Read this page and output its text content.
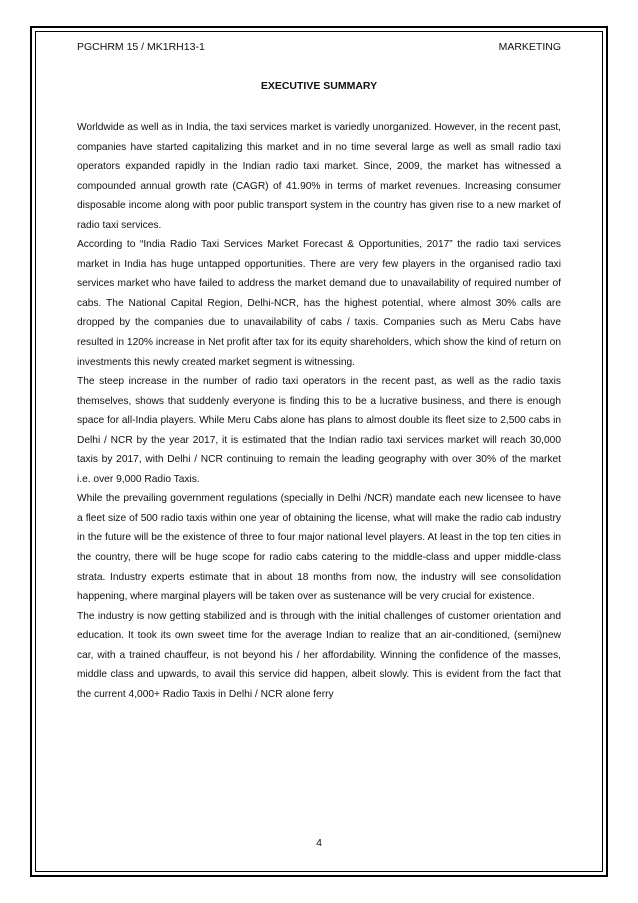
PGCHRM 15 / MK1RH13-1	MARKETING
EXECUTIVE SUMMARY

Worldwide as well as in India, the taxi services market is variedly unorganized. However, in the recent past, companies have started capitalizing this market and in no time several large as well as small radio taxi operators expanded rapidly in the Indian radio taxi market. Since, 2009, the market has witnessed a compounded annual growth rate (CAGR) of 41.90% in terms of market revenues. Increasing consumer disposable income along with poor public transport system in the country has given rise to a new market of radio taxi services.

According to “India Radio Taxi Services Market Forecast & Opportunities, 2017” the radio taxi services market in India has huge untapped opportunities. There are very few players in the organised radio taxi services market who have failed to address the market demand due to unavailability of required number of cabs. The National Capital Region, Delhi-NCR, has the highest potential, where almost 30% calls are dropped by the companies due to unavailability of cabs / taxis. Companies such as Meru Cabs have resulted in 120% increase in Net profit after tax for its equity shareholders, which show the kind of return on investments this newly created market segment is witnessing.

The steep increase in the number of radio taxi operators in the recent past, as well as the radio taxis themselves, shows that suddenly everyone is finding this to be a lucrative business, and there is enough space for all-India players. While Meru Cabs alone has plans to almost double its fleet size to 2,500 cabs in Delhi / NCR by the year 2017, it is estimated that the Indian radio taxi services market will reach 30,000 taxis by 2017, with Delhi / NCR continuing to remain the leading geography with over 30% of the market i.e. over 9,000 Radio Taxis.

While the prevailing government regulations (specially in Delhi /NCR) mandate each new licensee to have a fleet size of 500 radio taxis within one year of obtaining the license, what will make the radio cab industry in the future will be the existence of three to four major national level players. At least in the top ten cities in the country, there will be huge scope for radio cabs catering to the middle-class and upper middle-class strata. Industry experts estimate that in about 18 months from now, the industry will see consolidation happening, where marginal players will be taken over as sustenance will be very crucial for existence.

The industry is now getting stabilized and is through with the initial challenges of customer orientation and education. It took its own sweet time for the average Indian to realize that an air-conditioned, (semi)new car, with a trained chauffeur, is not beyond his / her affordability. Winning the confidence of the masses, middle class and upwards, to avail this service did happen, albeit slowly. This is evident from the fact that the current 4,000+ Radio Taxis in Delhi / NCR alone ferry

4
